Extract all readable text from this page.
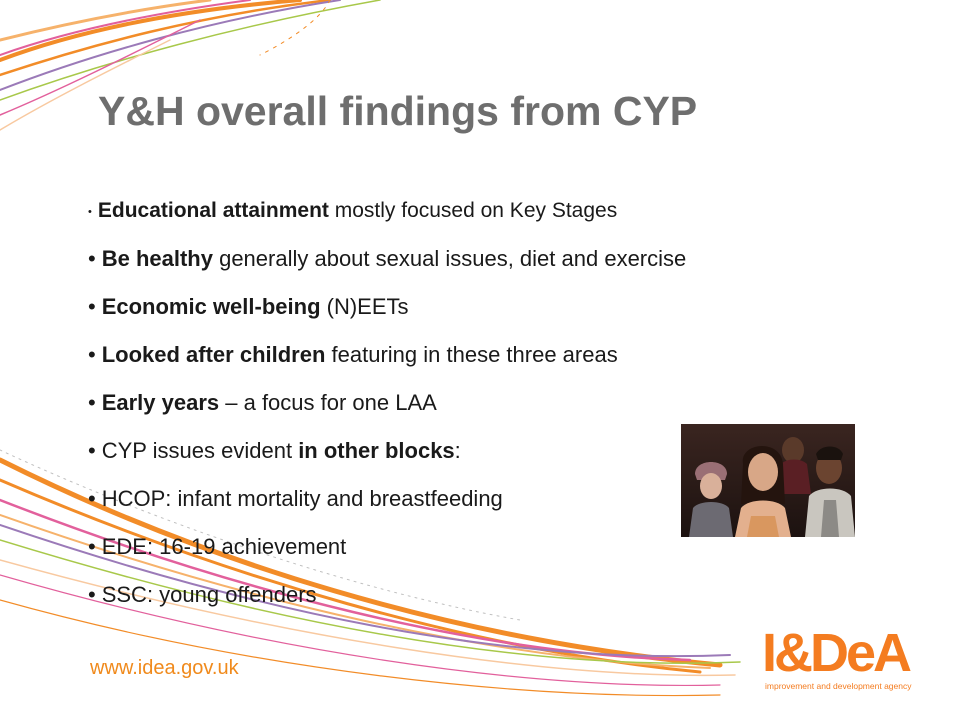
Y&H overall findings from CYP
• Educational attainment mostly focused on Key Stages
• Be healthy generally about sexual issues, diet and exercise
• Economic well-being (N)EETs
• Looked after children featuring in these three areas
• Early years – a focus for one LAA
• CYP issues evident in other blocks:
• HCOP: infant mortality and breastfeeding
• EDE: 16-19 achievement
• SSC: young offenders
www.idea.gov.uk	I&DeA
improvement and development agency
